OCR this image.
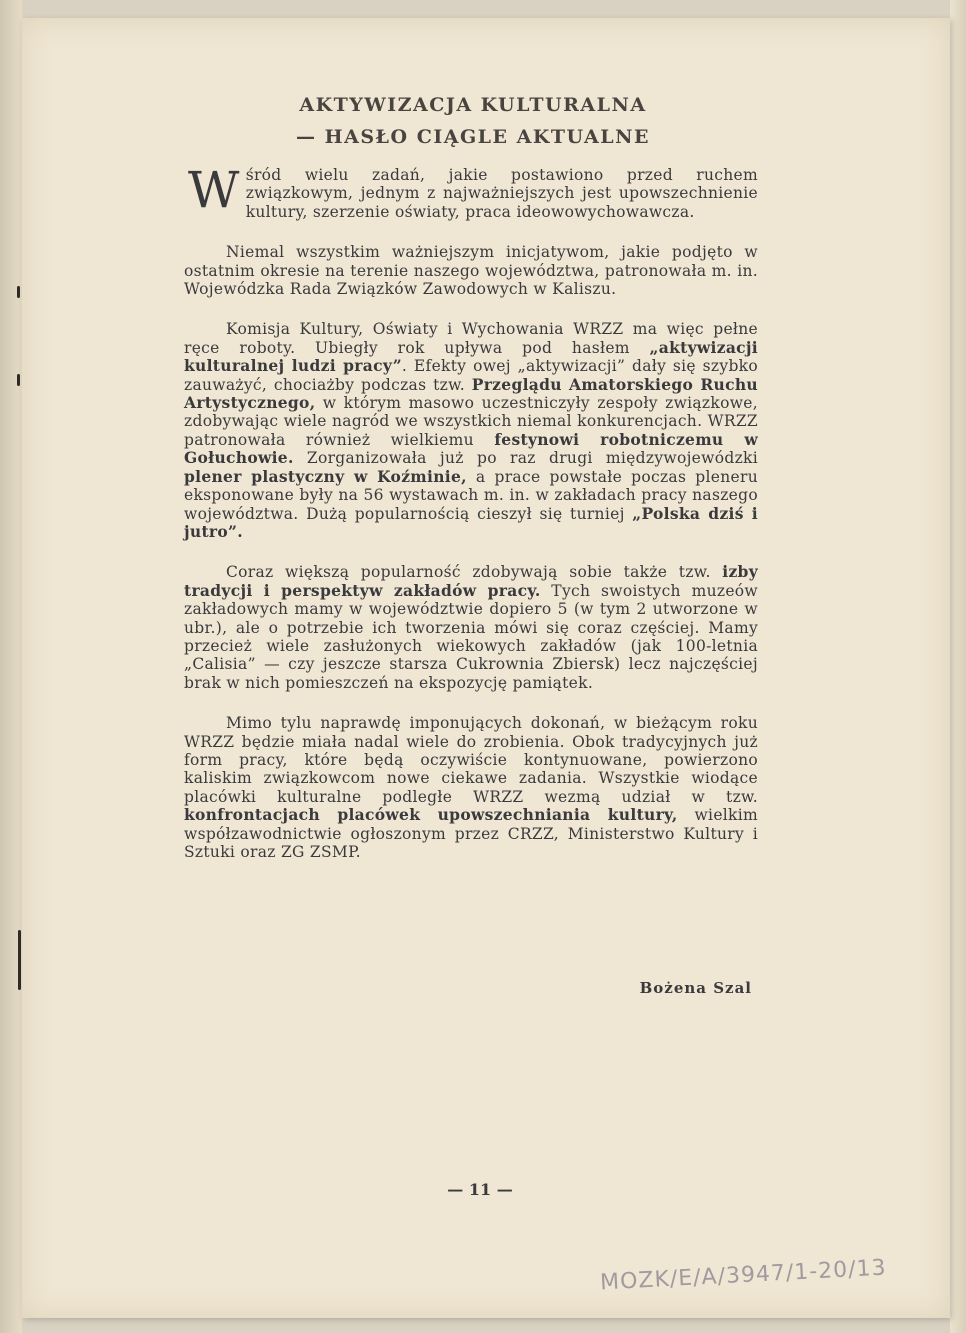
AKTYWIZACJA KULTURALNA
— HASŁO CIĄGLE AKTUALNE

Wśród wielu zadań, jakie postawiono przed ruchem związkowym, jednym z najważniejszych jest upowszechnienie kultury, szerzenie oświaty, praca ideowowychowawcza.

Niemal wszystkim ważniejszym inicjatywom, jakie podjęto w ostatnim okresie na terenie naszego województwa, patronowała m. in. Wojewódzka Rada Związków Zawodowych w Kaliszu.

Komisja Kultury, Oświaty i Wychowania WRZZ ma więc pełne ręce roboty. Ubiegły rok upływa pod hasłem „aktywizacji kulturalnej ludzi pracy”. Efekty owej „aktywizacji” dały się szybko zauważyć, chociażby podczas tzw. Przeglądu Amatorskiego Ruchu Artystycznego, w którym masowo uczestniczyły zespoły związkowe, zdobywając wiele nagród we wszystkich niemal konkurencjach. WRZZ patronowała również wielkiemu festynowi robotniczemu w Gołuchowie. Zorganizowała już po raz drugi międzywojewódzki plener plastyczny w Koźminie, a prace powstałe poczas pleneru eksponowane były na 56 wystawach m. in. w zakładach pracy naszego województwa. Dużą popularnością cieszył się turniej „Polska dziś i jutro”.

Coraz większą popularność zdobywają sobie także tzw. izby tradycji i perspektyw zakładów pracy. Tych swoistych muzeów zakładowych mamy w województwie dopiero 5 (w tym 2 utworzone w ubr.), ale o potrzebie ich tworzenia mówi się coraz częściej. Mamy przecież wiele zasłużonych wiekowych zakładów (jak 100-letnia „Calisia” — czy jeszcze starsza Cukrownia Zbiersk) lecz najczęściej brak w nich pomieszczeń na ekspozycję pamiątek.

Mimo tylu naprawdę imponujących dokonań, w bieżącym roku WRZZ będzie miała nadal wiele do zrobienia. Obok tradycyjnych już form pracy, które będą oczywiście kontynuowane, powierzono kaliskim związkowcom nowe ciekawe zadania. Wszystkie wiodące placówki kulturalne podległe WRZZ wezmą udział w tzw. konfrontacjach placówek upowszechniania kultury, wielkim współzawodnictwie ogłoszonym przez CRZZ, Ministerstwo Kultury i Sztuki oraz ZG ZSMP.

Bożena Szal
— 11 —
MOZK/E/A/3947/1-20/13
